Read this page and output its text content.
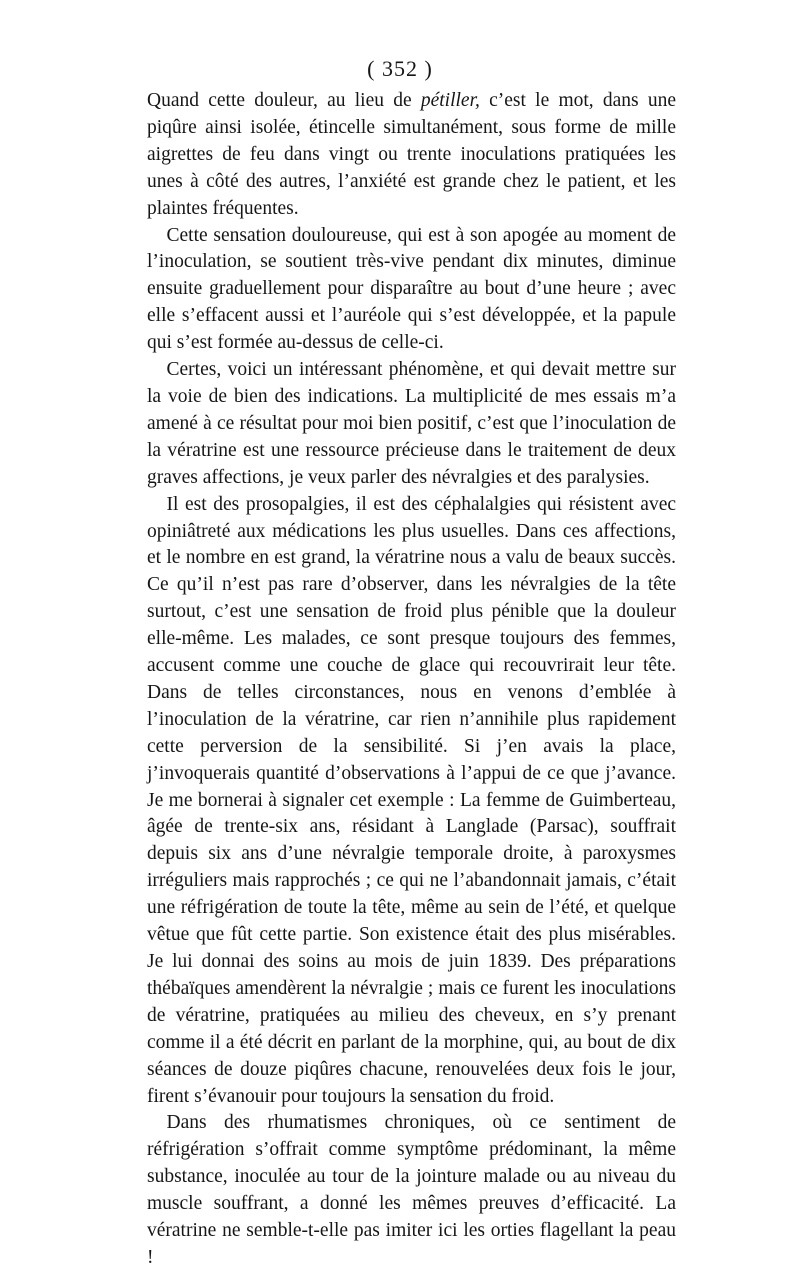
( 352 )

Quand cette douleur, au lieu de pétiller, c’est le mot, dans une piqûre ainsi isolée, étincelle simultanément, sous forme de mille aigrettes de feu dans vingt ou trente inoculations pratiquées les unes à côté des autres, l’anxiété est grande chez le patient, et les plaintes fréquentes.

Cette sensation douloureuse, qui est à son apogée au moment de l’inoculation, se soutient très-vive pendant dix minutes, diminue ensuite graduellement pour disparaître au bout d’une heure ; avec elle s’effacent aussi et l’auréole qui s’est développée, et la papule qui s’est formée au-dessus de celle-ci.

Certes, voici un intéressant phénomène, et qui devait mettre sur la voie de bien des indications. La multiplicité de mes essais m’a amené à ce résultat pour moi bien positif, c’est que l’inoculation de la vératrine est une ressource précieuse dans le traitement de deux graves affections, je veux parler des névralgies et des paralysies.

Il est des prosopalgies, il est des céphalalgies qui résistent avec opiniâtreté aux médications les plus usuelles. Dans ces affections, et le nombre en est grand, la vératrine nous a valu de beaux succès. Ce qu’il n’est pas rare d’observer, dans les névralgies de la tête surtout, c’est une sensation de froid plus pénible que la douleur elle-même. Les malades, ce sont presque toujours des femmes, accusent comme une couche de glace qui recouvrirait leur tête. Dans de telles circonstances, nous en venons d’emblée à l’inoculation de la vératrine, car rien n’annihile plus rapidement cette perversion de la sensibilité. Si j’en avais la place, j’invoquerais quantité d’observations à l’appui de ce que j’avance. Je me bornerai à signaler cet exemple : La femme de Guimberteau, âgée de trente-six ans, résidant à Langlade (Parsac), souffrait depuis six ans d’une névralgie temporale droite, à paroxysmes irréguliers mais rapprochés ; ce qui ne l’abandonnait jamais, c’était une réfrigération de toute la tête, même au sein de l’été, et quelque vêtue que fût cette partie. Son existence était des plus misérables. Je lui donnai des soins au mois de juin 1839. Des préparations thébaïques amendèrent la névralgie ; mais ce furent les inoculations de vératrine, pratiquées au milieu des cheveux, en s’y prenant comme il a été décrit en parlant de la morphine, qui, au bout de dix séances de douze piqûres chacune, renouvelées deux fois le jour, firent s’évanouir pour toujours la sensation du froid.

Dans des rhumatismes chroniques, où ce sentiment de réfrigération s’offrait comme symptôme prédominant, la même substance, inoculée au tour de la jointure malade ou au niveau du muscle souffrant, a donné les mêmes preuves d’efficacité. La vératrine ne semble-t-elle pas imiter ici les orties flagellant la peau !
